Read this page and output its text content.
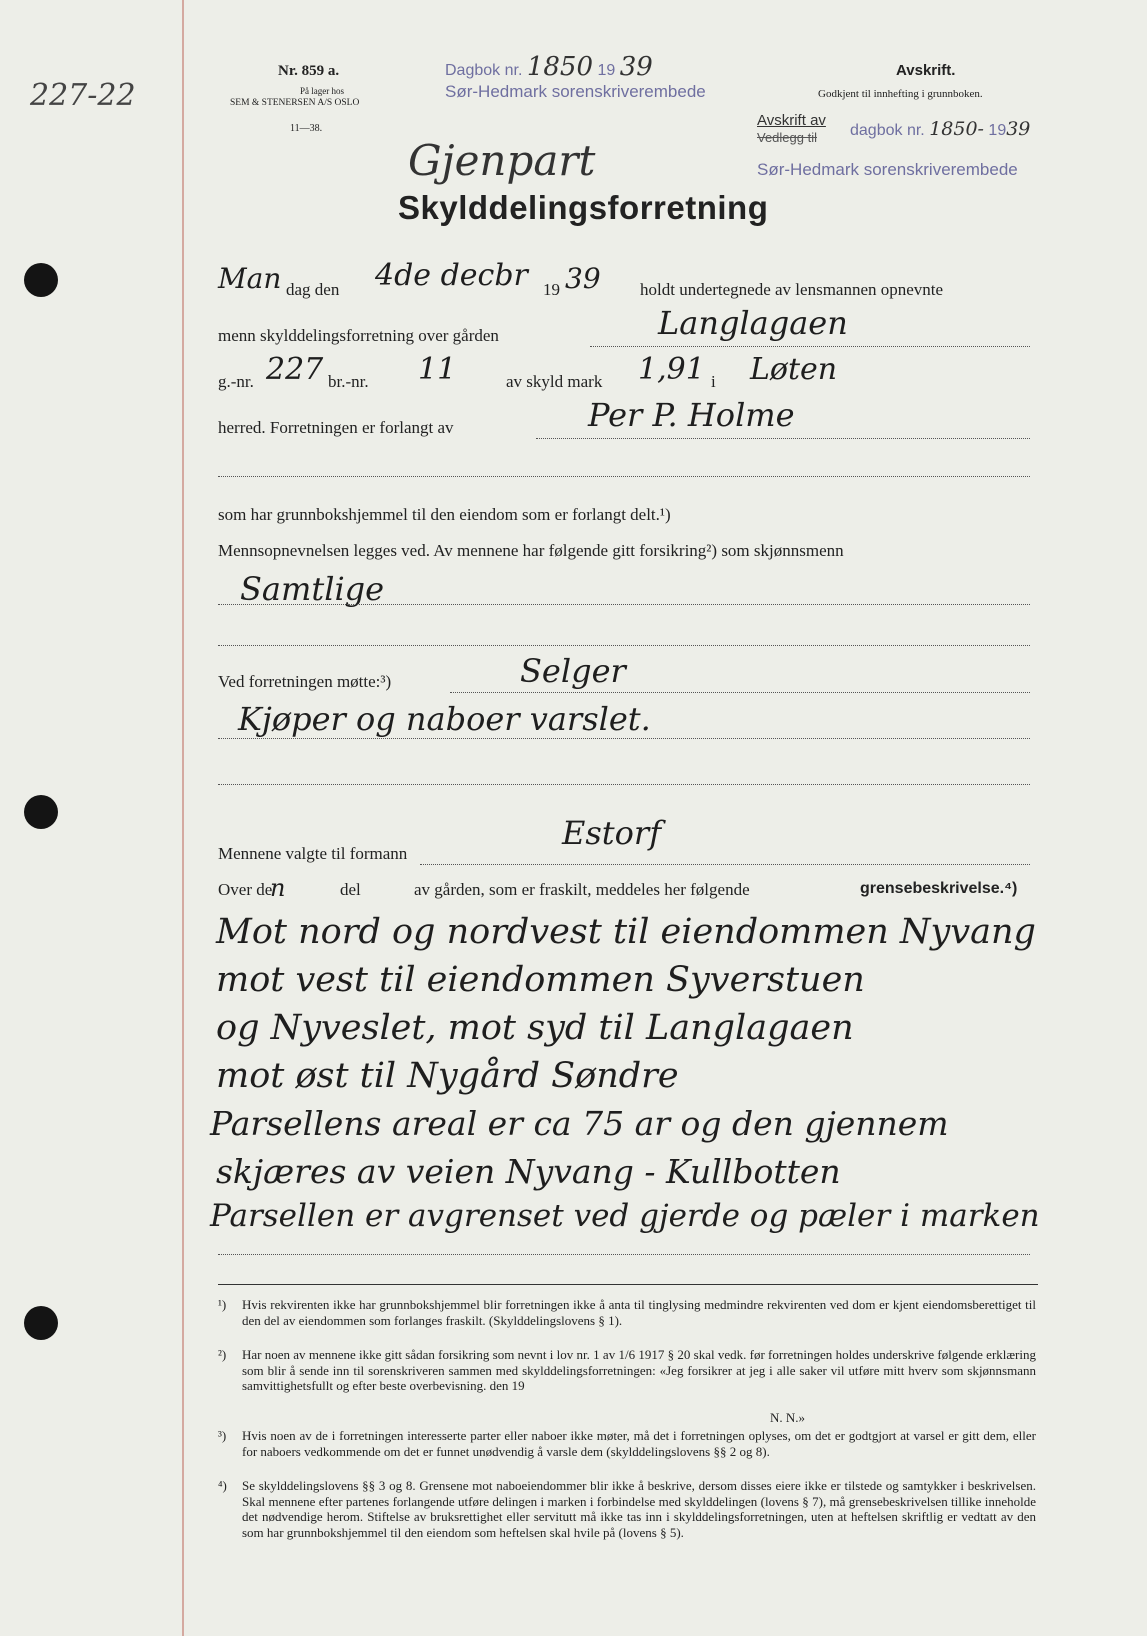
227-22
Nr. 859 a.
På lager hos
SEM & STENERSEN A/S OSLO
11—38.
Dagbok nr. 1850 19 39
Sør-Hedmark sorenskriverembede
Avskrift.
Godkjent til innhefting i grunnboken.
Avskrift av
Vedlegg til dagbok nr. 1850- 1939
Sør-Hedmark sorenskriverembede
Gjenpart
Skylddelingsforretning
Man dag den 4de decbr 19 39 holdt undertegnede av lensmannen opnevnte
menn skylddelingsforretning over gården	Langlagaen
g.-nr. 227 br.-nr. 11	av skyld mark 1,91 i Løten
herred. Forretningen er forlangt av	Per P. Holme
som har grunnbokshjemmel til den eiendom som er forlangt delt.¹)
Mennsopnevnelsen legges ved. Av mennene har følgende gitt forsikring²) som skjønnsmenn
Samtlige
Ved forretningen møtte:³)	Selger
Kjøper og naboer varslet.
Mennene valgte til formann
Estorf
Over de
n	del	av gården, som er fraskilt, meddeles her følgende	grensebeskrivelse.⁴)
Mot nord og nordvest til eiendommen Nyvang
mot vest til eiendommen Syverstuen
og Nyveslet, mot syd til Langlagaen
mot øst til Nygård Søndre
Parsellens areal er ca 75 ar og den gjennem
skjæres av veien Nyvang - Kullbotten
Parsellen er avgrenset ved gjerde og pæler i marken
¹) Hvis rekvirenten ikke har grunnbokshjemmel blir forretningen ikke å anta til tinglysing medmindre rekvirenten ved dom er kjent eiendomsberettiget til den del av eiendommen som forlanges fraskilt. (Skylddelingslovens § 1).
²) Har noen av mennene ikke gitt sådan forsikring som nevnt i lov nr. 1 av 1/6 1917 § 20 skal vedk. før forretningen holdes underskrive følgende erklæring som blir å sende inn til sorenskriveren sammen med skylddelingsforretningen: «Jeg forsikrer at jeg i alle saker vil utføre mitt hverv som skjønnsmann samvittighetsfullt og efter beste overbevisning. den 19
N. N.»
³) Hvis noen av de i forretningen interesserte parter eller naboer ikke møter, må det i forretningen oplyses, om det er godtgjort at varsel er gitt dem, eller for naboers vedkommende om det er funnet unødvendig å varsle dem (skylddelingslovens §§ 2 og 8).
⁴) Se skylddelingslovens §§ 3 og 8. Grensene mot naboeiendommer blir ikke å beskrive, dersom disses eiere ikke er tilstede og samtykker i beskrivelsen. Skal mennene efter partenes forlangende utføre delingen i marken i forbindelse med skylddelingen (lovens § 7), må grensebeskrivelsen tillike inneholde det nødvendige herom. Stiftelse av bruksrettighet eller servitutt må ikke tas inn i skylddelingsforretningen, uten at heftelsen skriftlig er vedtatt av den som har grunnbokshjemmel til den eiendom som heftelsen skal hvile på (lovens § 5).
